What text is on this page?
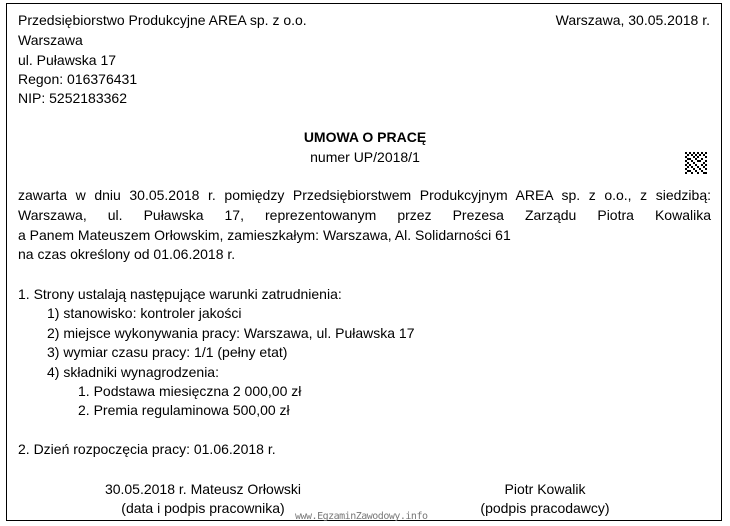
Przedsiębiorstwo Produkcyjne AREA sp. z o.o.
Warszawa
ul. Puławska 17
Regon: 016376431
NIP: 5252183362
Warszawa, 30.05.2018 r.
UMOWA O PRACĘ
numer UP/2018/1
zawarta w dniu 30.05.2018 r. pomiędzy Przedsiębiorstwem Produkcyjnym AREA sp. z o.o., z siedzibą:
Warszawa, ul. Puławska 17, reprezentowanym przez Prezesa Zarządu Piotra Kowalika
a Panem Mateuszem Orłowskim, zamieszkałym: Warszawa, Al. Solidarności 61
na czas określony od 01.06.2018 r.
1. Strony ustalają następujące warunki zatrudnienia:
1) stanowisko: kontroler jakości
2) miejsce wykonywania pracy: Warszawa, ul. Puławska 17
3) wymiar czasu pracy: 1/1 (pełny etat)
4) składniki wynagrodzenia:
1. Podstawa miesięczna 2 000,00 zł
2. Premia regulaminowa 500,00 zł
2. Dzień rozpoczęcia pracy: 01.06.2018 r.
30.05.2018 r. Mateusz Orłowski
(data i podpis pracownika)
Piotr Kowalik
(podpis pracodawcy)
www.EgzaminZawodowy.info
